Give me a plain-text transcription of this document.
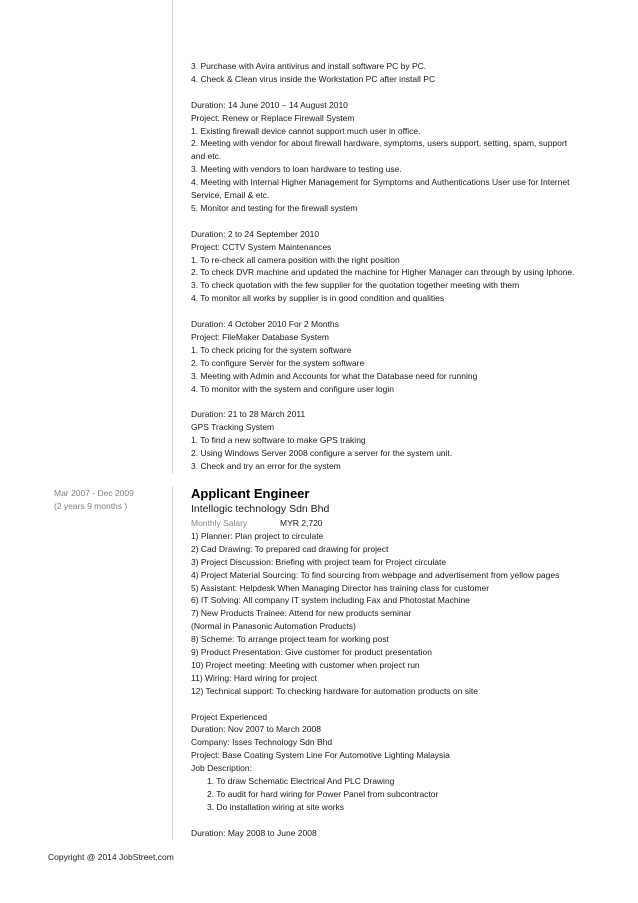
3. Purchase with Avira antivirus and install software PC by PC.
4. Check & Clean virus inside the Workstation PC after install PC
Duration: 14 June 2010 – 14 August 2010
Project: Renew or Replace Firewall System
1. Existing firewall device cannot support much user in office.
2. Meeting with vendor for about firewall hardware, symptoms, users support, setting, spam, support
and etc.
3. Meeting with vendors to loan hardware to testing use.
4. Meeting with Internal Higher Management for Symptoms and Authentications User use for Internet
Service, Email & etc.
5. Monitor and testing for the firewall system
Duration: 2 to 24 September 2010
Project: CCTV System Maintenances
1. To re-check all camera position with the right position
2. To check DVR machine and updated the machine for Higher Manager can through by using Iphone.
3. To check quotation with the few supplier for the quotation together meeting with them
4. To monitor all works by supplier is in good condition and qualities
Duration: 4 October 2010 For 2 Months
Project: FileMaker Database System
1. To check pricing for the system software
2. To configure Server for the system software
3. Meeting with Admin and Accounts for what the Database need for running
4. To monitor with the system and configure user login
Duration: 21 to 28 March 2011
GPS Tracking System
1. To find a new software to make GPS traking
2. Using Windows Server 2008 configure a server for the system unit.
3. Check and try an error for the system
Mar 2007 - Dec 2009
(2 years 9 months )
Applicant Engineer
Intellogic technology Sdn Bhd
Monthly Salary	MYR 2,720
1) Planner: Plan project to circulate
2) Cad Drawing: To prepared cad drawing for project
3) Project Discussion: Briefing with project team for Project circulate
4) Project Material Sourcing: To find sourcing from webpage and advertisement from yellow pages
5) Assistant: Helpdesk When Managing Director has training class for customer
6) IT Solving: All company IT system including Fax and Photostat Machine
7) New Products Trainee: Attend for new products seminar
(Normal in Panasonic Automation Products)
8) Scheme: To arrange project team for working post
9) Product Presentation: Give customer for product presentation
10) Project meeting: Meeting with customer when project run
11) Wiring: Hard wiring for project
12) Technical support: To checking hardware for automation products on site
Project Experienced
Duration: Nov 2007 to March 2008
Company: Isses Technology Sdn Bhd
Project: Base Coating System Line For Automotive Lighting Malaysia
Job Description:
1. To draw Schematic Electrical And PLC Drawing
2. To audit for hard wiring for Power Panel from subcontractor
3. Do installation wiring at site works
Duration: May 2008 to June 2008
Copyright @ 2014 JobStreet.com
